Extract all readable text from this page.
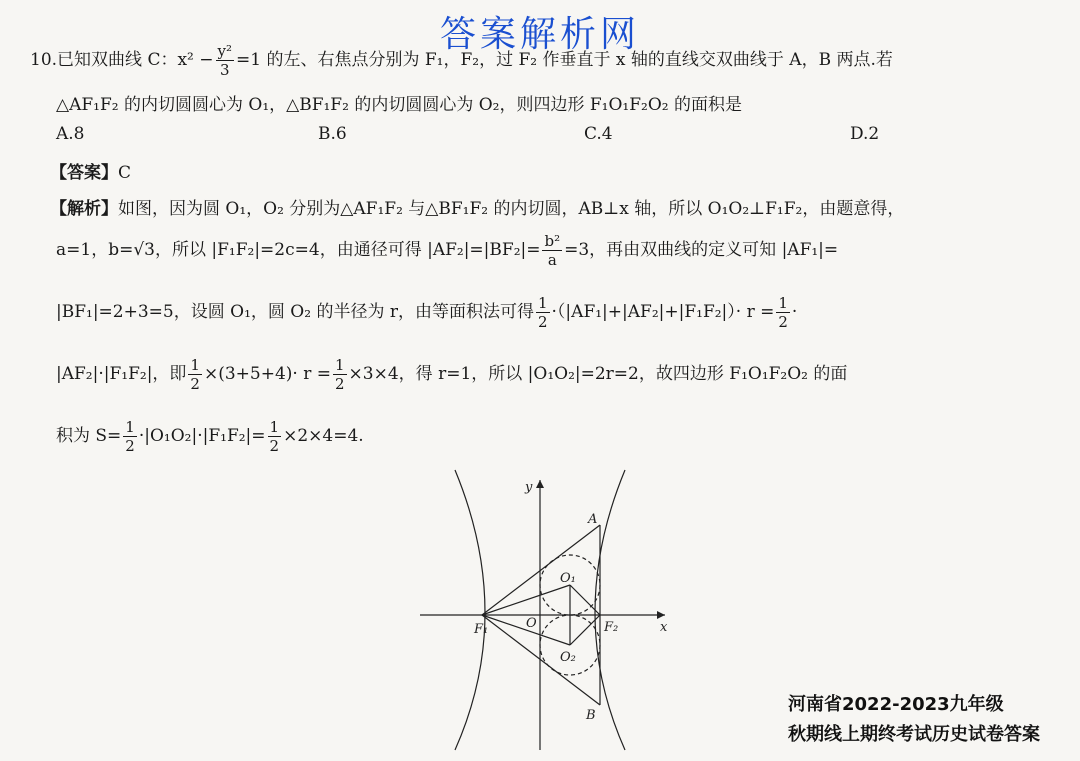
答案解析网
10.已知双曲线 C：$x^2 - \frac{\text{y²}}{3} =1$ 的左、右焦点分别为 F₁，F₂，过 F₂ 作垂直于 x 轴的直线交双曲线于 A，B 两点.若
△AF₁F₂ 的内切圆圆心为 O₁，△BF₁F₂ 的内切圆圆心为 O₂，则四边形 F₁O₁F₂O₂ 的面积是
A.8	B.6	C.4	D.2
【答案】C
【解析】如图，因为圆 O₁，O₂ 分别为△AF₁F₂ 与△BF₁F₂ 的内切圆，AB⊥x 轴，所以 O₁O₂⊥F₁F₂，由题意得，
a=1，b=√3，所以 |F₁F₂|=2c=4，由通径可得 $|AF_2|=|BF_2|= \frac{\text{b²}}{a} =3$，再由双曲线的定义可知 |AF₁|=
|BF₁|=2+3=5，设圆 O₁，圆 O₂ 的半径为 r，由等面积法可得 $\frac{1}{2} \cdot(|AF_1|+|AF_2|+|F_1F_2|)\cdot r = \frac{1}{2}$ ·
|AF₂|·|F₁F₂|，即 $\frac{1}{2} \times(3+5+4)\cdot r = \frac{1}{2} \times 3\times 4$，得 r=1，所以 |O₁O₂|=2r=2，故四边形 F₁O₁F₂O₂ 的面
积为 $S= \frac{1}{2} \cdot|O_1O_2|\cdot|F_1F_2|= \frac{1}{2} \times 2\times 4=4$.
y
x
A
B
O
O₁
O₂
F₁	F₂
河南省2022-2023九年级
秋期线上期终考试历史试卷答案
